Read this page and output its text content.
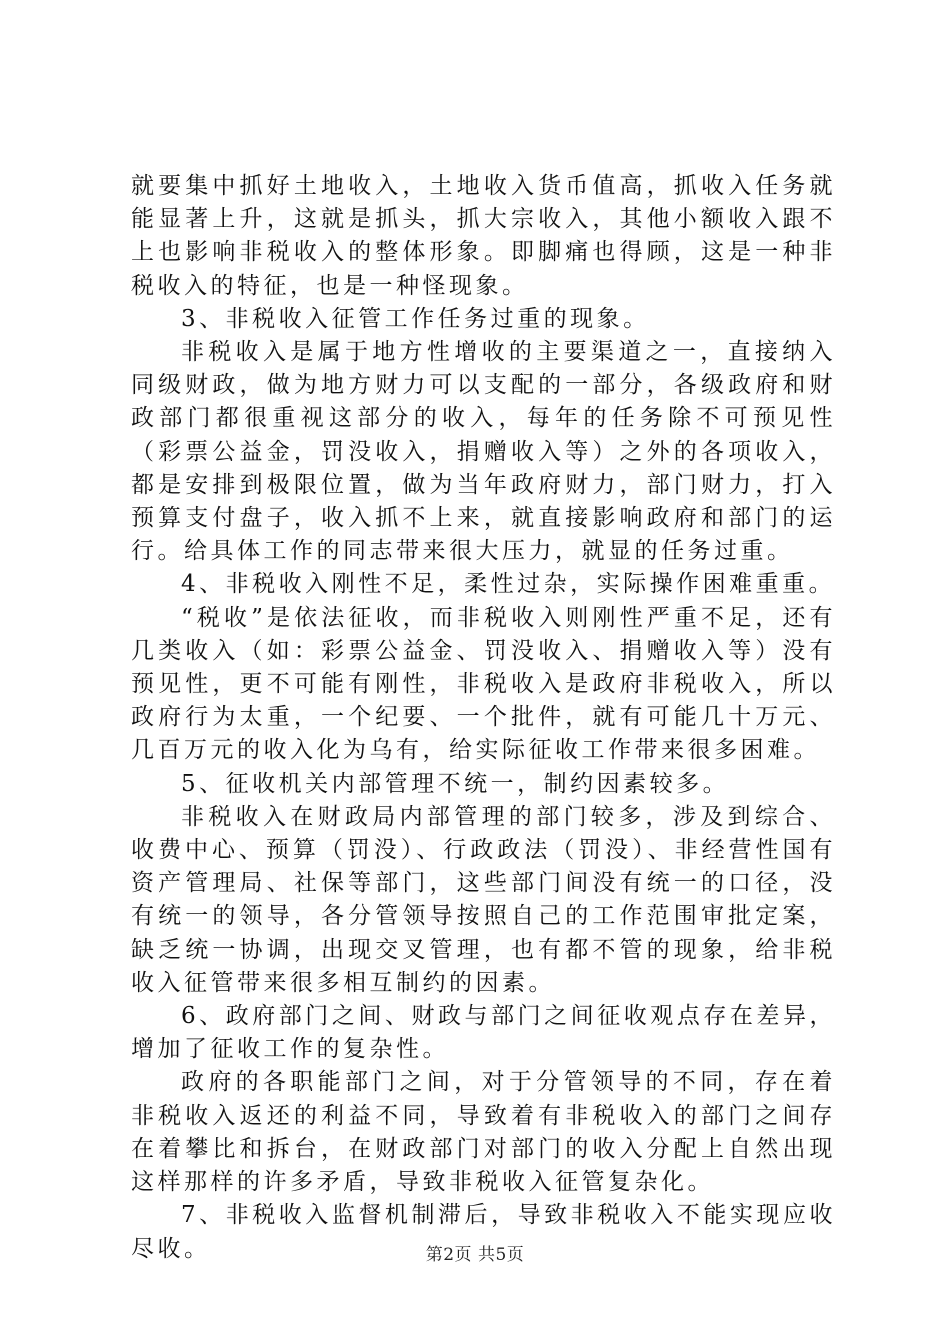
就要集中抓好土地收入，土地收入货币值高，抓收入任务就能显著上升，这就是抓头，抓大宗收入，其他小额收入跟不上也影响非税收入的整体形象。即脚痛也得顾，这是一种非税收入的特征，也是一种怪现象。

3、非税收入征管工作任务过重的现象。

非税收入是属于地方性增收的主要渠道之一，直接纳入同级财政，做为地方财力可以支配的一部分，各级政府和财政部门都很重视这部分的收入，每年的任务除不可预见性（彩票公益金，罚没收入，捐赠收入等）之外的各项收入，都是安排到极限位置，做为当年政府财力，部门财力，打入预算支付盘子，收入抓不上来，就直接影响政府和部门的运行。给具体工作的同志带来很大压力，就显的任务过重。

4、非税收入刚性不足，柔性过杂，实际操作困难重重。

“税收”是依法征收，而非税收入则刚性严重不足，还有几类收入（如：彩票公益金、罚没收入、捐赠收入等）没有预见性，更不可能有刚性，非税收入是政府非税收入，所以政府行为太重，一个纪要、一个批件，就有可能几十万元、几百万元的收入化为乌有，给实际征收工作带来很多困难。

5、征收机关内部管理不统一，制约因素较多。

非税收入在财政局内部管理的部门较多，涉及到综合、收费中心、预算（罚没）、行政政法（罚没）、非经营性国有资产管理局、社保等部门，这些部门间没有统一的口径，没有统一的领导，各分管领导按照自己的工作范围审批定案，缺乏统一协调，出现交叉管理，也有都不管的现象，给非税收入征管带来很多相互制约的因素。

6、政府部门之间、财政与部门之间征收观点存在差异，增加了征收工作的复杂性。

政府的各职能部门之间，对于分管领导的不同，存在着非税收入返还的利益不同，导致着有非税收入的部门之间存在着攀比和拆台，在财政部门对部门的收入分配上自然出现这样那样的许多矛盾，导致非税收入征管复杂化。

7、非税收入监督机制滞后，导致非税收入不能实现应收尽收。	第2页 共5页
